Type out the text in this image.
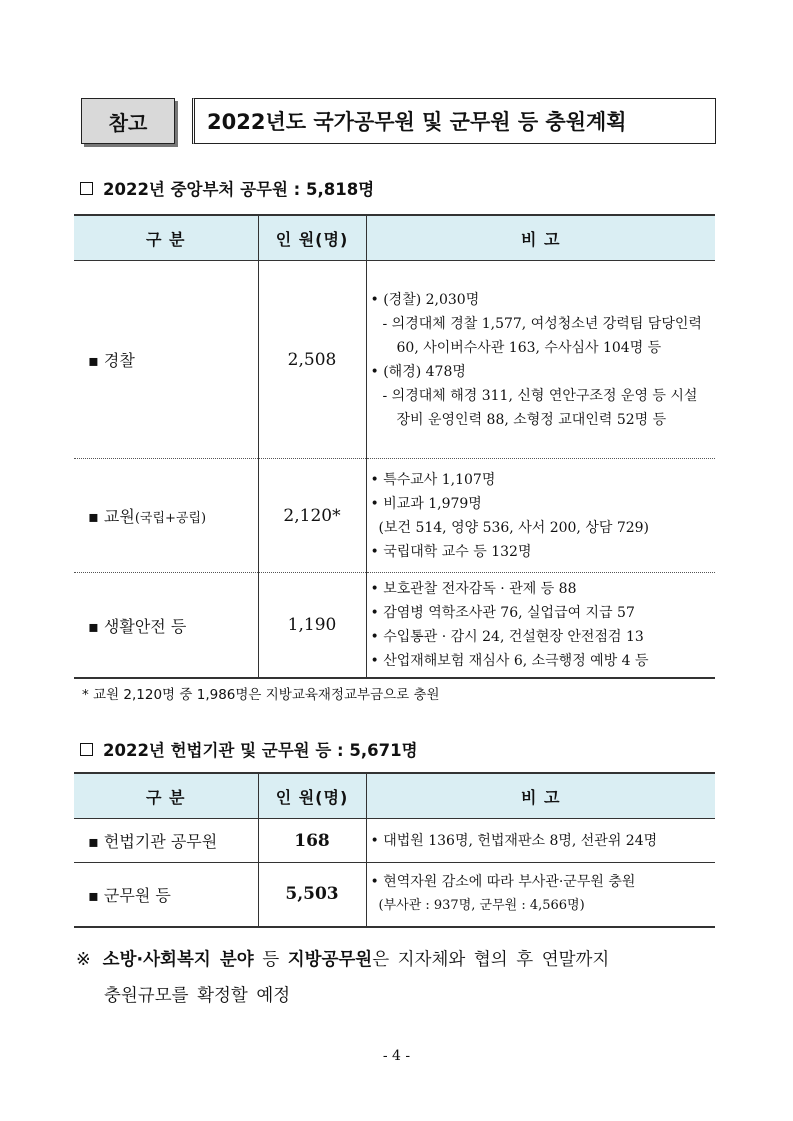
참고	2022년도 국가공무원 및 군무원 등 충원계획
2022년 중앙부처 공무원 : 5,818명
구 분	인 원(명)	비 고
▪ 경찰	2,508	• (경찰) 2,030명
- 의경대체 경찰 1,577, 여성청소년 강력팀 담당인력 60, 사이버수사관 163, 수사심사 104명 등
• (해경) 478명
- 의경대체 해경 311, 신형 연안구조정 운영 등 시설장비 운영인력 88, 소형정 교대인력 52명 등

▪ 교원(국립+공립)	2,120*	• 특수교사 1,107명
• 비교과 1,979명
(보건 514, 영양 536, 사서 200, 상담 729)
• 국립대학 교수 등 132명

▪ 생활안전 등	1,190	• 보호관찰 전자감독 · 관제 등 88
• 감염병 역학조사관 76, 실업급여 지급 57
• 수입통관 · 감시 24, 건설현장 안전점검 13
• 산업재해보험 재심사 6, 소극행정 예방 4 등
* 교원 2,120명 중 1,986명은 지방교육재정교부금으로 충원
2022년 헌법기관 및 군무원 등 : 5,671명
구 분	인 원(명)	비 고
▪ 헌법기관 공무원	168	• 대법원 136명, 헌법재판소 8명, 선관위 24명

▪ 군무원 등	5,503	• 현역자원 감소에 따라 부사관·군무원 충원
(부사관 : 937명, 군무원 : 4,566명)
※ 소방·사회복지 분야 등 지방공무원은 지자체와 협의 후 연말까지
충원규모를 확정할 예정
- 4 -
